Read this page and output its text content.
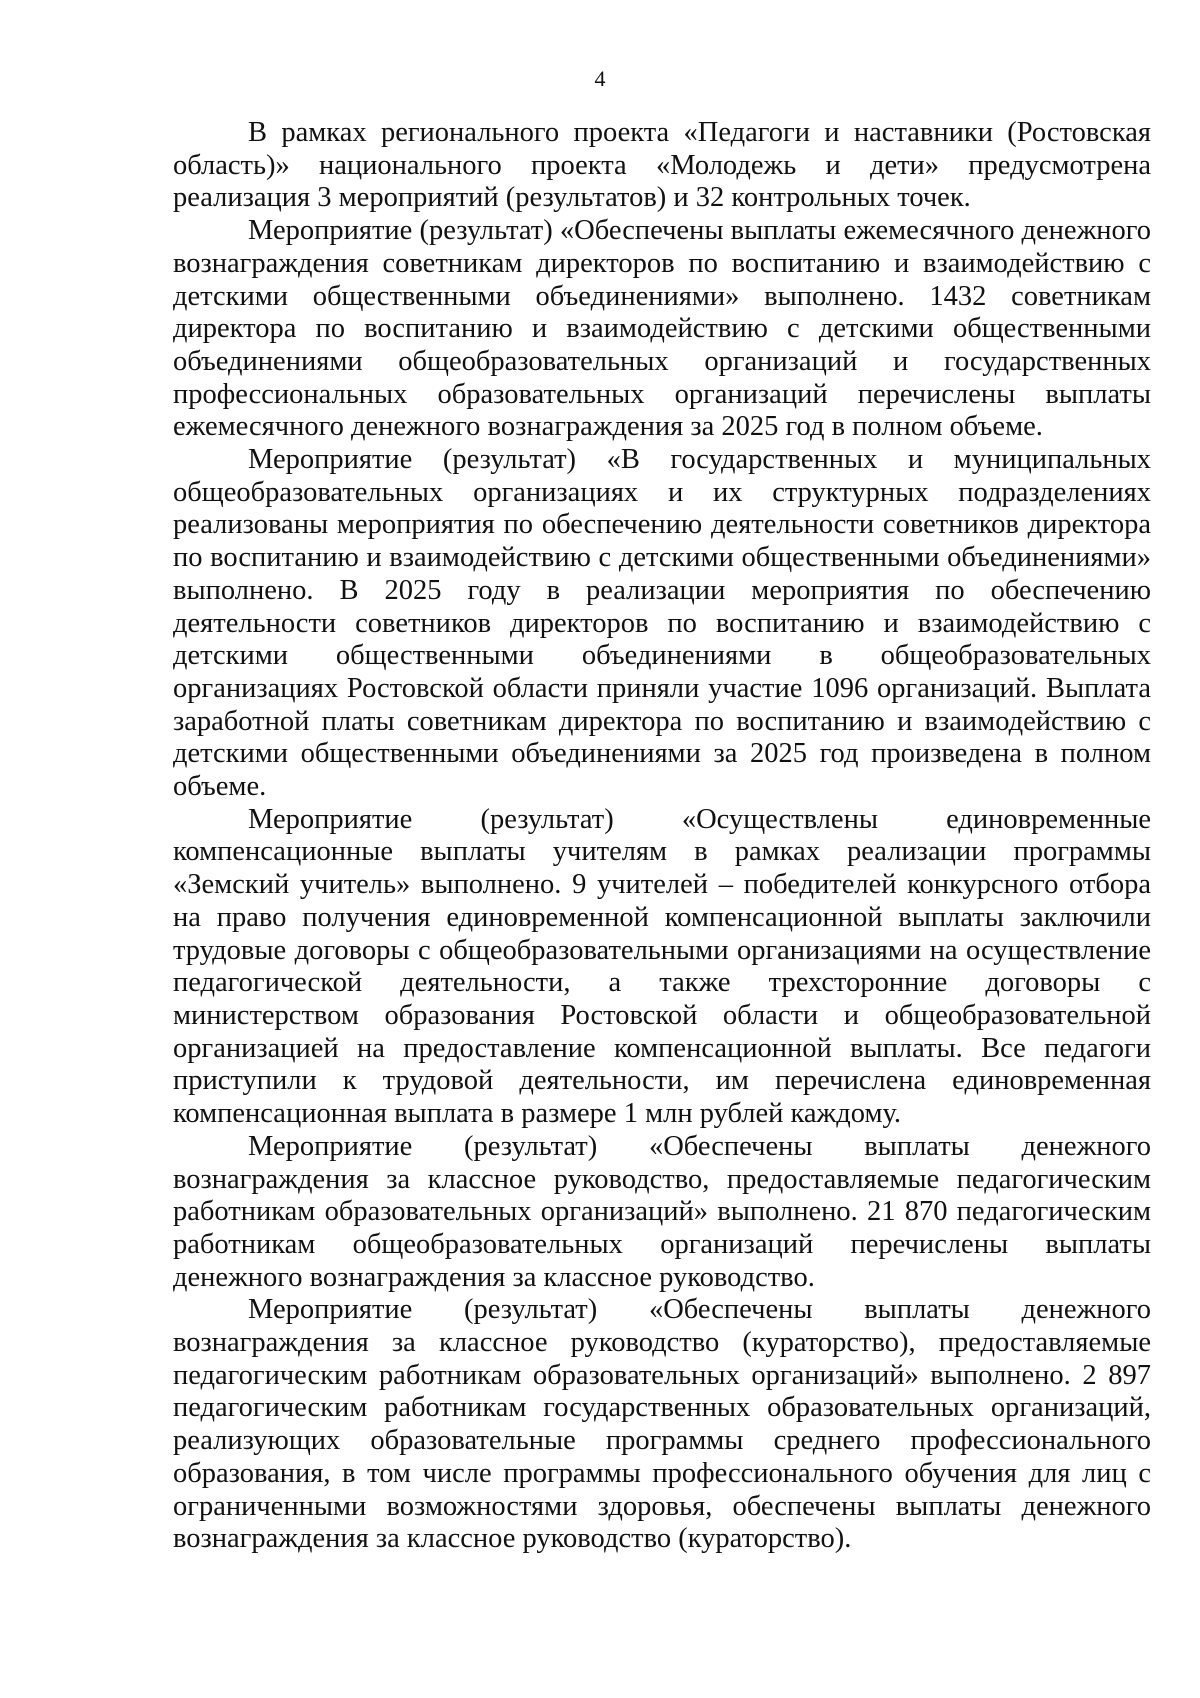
4

В рамках регионального проекта «Педагоги и наставники (Ростовская область)» национального проекта «Молодежь и дети» предусмотрена реализация 3 мероприятий (результатов) и 32 контрольных точек.

Мероприятие (результат) «Обеспечены выплаты ежемесячного денежного вознаграждения советникам директоров по воспитанию и взаимодействию с детскими общественными объединениями» выполнено. 1432 советникам директора по воспитанию и взаимодействию с детскими общественными объединениями общеобразовательных организаций и государственных профессиональных образовательных организаций перечислены выплаты ежемесячного денежного вознаграждения за 2025 год в полном объеме.

Мероприятие (результат) «В государственных и муниципальных общеобразовательных организациях и их структурных подразделениях реализованы мероприятия по обеспечению деятельности советников директора по воспитанию и взаимодействию с детскими общественными объединениями» выполнено. В 2025 году в реализации мероприятия по обеспечению деятельности советников директоров по воспитанию и взаимодействию с детскими общественными объединениями в общеобразовательных организациях Ростовской области приняли участие 1096 организаций. Выплата заработной платы советникам директора по воспитанию и взаимодействию с детскими общественными объединениями за 2025 год произведена в полном объеме.

Мероприятие (результат) «Осуществлены единовременные компенсационные выплаты учителям в рамках реализации программы «Земский учитель» выполнено. 9 учителей – победителей конкурсного отбора на право получения единовременной компенсационной выплаты заключили трудовые договоры с общеобразовательными организациями на осуществление педагогической деятельности, а также трехсторонние договоры с министерством образования Ростовской области и общеобразовательной организацией на предоставление компенсационной выплаты. Все педагоги приступили к трудовой деятельности, им перечислена единовременная компенсационная выплата в размере 1 млн рублей каждому.

Мероприятие (результат) «Обеспечены выплаты денежного вознаграждения за классное руководство, предоставляемые педагогическим работникам образовательных организаций» выполнено. 21 870 педагогическим работникам общеобразовательных организаций перечислены выплаты денежного вознаграждения за классное руководство.

Мероприятие (результат) «Обеспечены выплаты денежного вознаграждения за классное руководство (кураторство), предоставляемые педагогическим работникам образовательных организаций» выполнено. 2 897 педагогическим работникам государственных образовательных организаций, реализующих образовательные программы среднего профессионального образования, в том числе программы профессионального обучения для лиц с ограниченными возможностями здоровья, обеспечены выплаты денежного вознаграждения за классное руководство (кураторство).
